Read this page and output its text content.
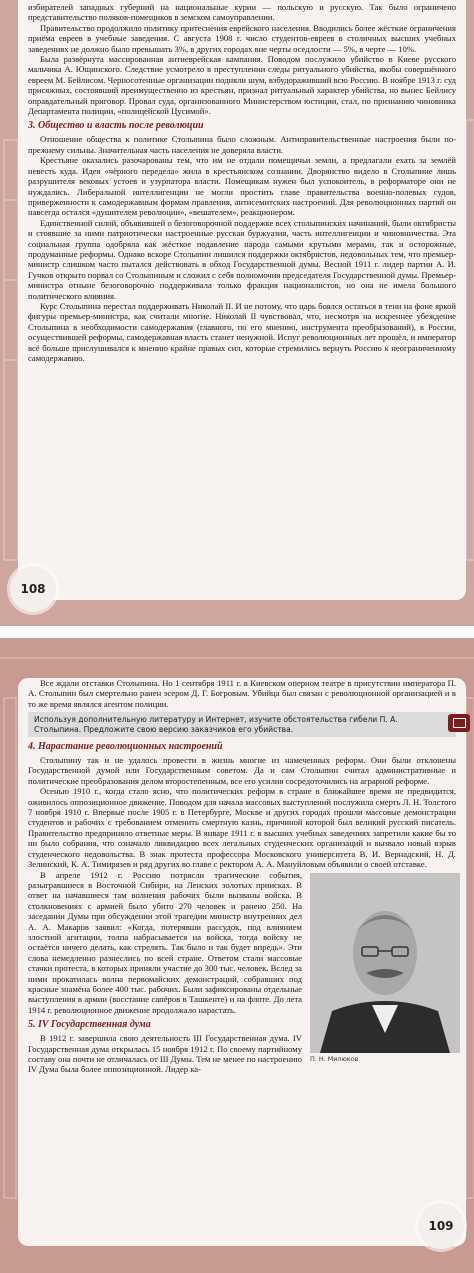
избирателей западных губерний на национальные курии — польскую и русскую. Так было ограничено представительство поляков-помещиков в земском самоуправлении.

Правительство продолжило политику притеснения еврейского населения. Вводились более жёсткие ограничения приёма евреев в учебные заведения. С августа 1908 г. число студентов-евреев в столичных высших учебных заведениях не должно было превышать 3%, в других городах вне черты оседлости — 5%, в черте — 10%.

Была развёрнута массированная антиеврейская кампания. Поводом послужило убийство в Киеве русского мальчика А. Ющинского. Следствие усмотрело в преступлении следы ритуального убийства, якобы совершённого евреем М. Бейлисом. Черносотенные организации подняли шум, взбудораживший всю Россию. В ноябре 1913 г. суд присяжных, состоявший преимущественно из крестьян, признал ритуальный характер убийства, но вынес Бейлису оправдательный приговор. Провал суда, организованного Министерством юстиции, стал, по признанию чиновника Департамента полиции, «полицейской Цусимой».

3. Общество и власть после революции

Отношение общества к политике Столыпина было сложным. Антиправительственные настроения были по-прежнему сильны. Значительная часть населения не доверяла власти.

Крестьяне оказались разочарованы тем, что им не отдали помещичьи земли, а предлагали ехать за землёй невесть куда. Идея «чёрного передела» жила в крестьянском сознании. Дворянство видело в Столыпине лишь разрушителя вековых устоев и узурпатора власти. Помещикам нужен был успокоитель, в реформаторе они не нуждались. Либеральной интеллигенции не могли простить главе правительства военно-полевых судов, приверженности к самодержавным формам правления, антисемитских настроений. Для революционных партий он навсегда остался «душителем революции», «вешателем», реакционером.

Единственной силой, объявившей о безоговорочной поддержке всех столыпинских начинаний, были октябристы и стоявшие за ними патриотически настроенные русская буржуазия, часть интеллигенции и чиновничества. Эта социальная группа одобряла как жёсткое подавление народа самыми крутыми мерами, так и осторожные, продуманные реформы. Однако вскоре Столыпин лишился поддержки октябристов, недовольных тем, что премьер-министр слишком часто пытался действовать в обход Государственной думы. Весной 1911 г. лидер партии А. И. Гучков открыто порвал со Столыпиным и сложил с себя полномочия председателя Государственной думы. Премьер-министра отныне безоговорочно поддерживала только фракция националистов, но она не имела большого политического влияния.

Курс Столыпина перестал поддерживать Николай II. И не потому, что царь боялся остаться в тени на фоне яркой фигуры премьер-министра, как считали многие. Николай II чувствовал, что, несмотря на искреннее убеждение Столыпина в необходимости самодержавия (главного, по его мнению, инструмента преобразований), в России, осуществившей реформы, самодержавная власть станет ненужной. Испуг революционных лет прошёл, и император всё больше прислушивался к мнению крайне правых сил, которые стремились вернуть Россию к неограниченному самодержавию.

108

Все ждали отставки Столыпина. Но 1 сентября 1911 г. в Киевском оперном театре в присутствии императора П. А. Столыпин был смертельно ранен эсером Д. Г. Богровым. Убийца был связан с революционной организацией и в то же время являлся агентом полиции.

Используя дополнительную литературу и Интернет, изучите обстоятельства гибели П. А. Столыпина. Предложите свою версию заказчиков его убийства.
4. Нарастание революционных настроений

Столыпину так и не удалось провести в жизнь многие из намеченных реформ. Они были отклонены Государственной думой или Государственным советом. Да и сам Столыпин считал административные и политические преобразования делом второстепенным, все его усилия сосредоточились на аграрной реформе.

Осенью 1910 г., когда стало ясно, что политических реформ в стране в ближайшее время не предвидится, оживилось оппозиционное движение. Поводом для начала массовых выступлений послужила смерть Л. Н. Толстого 7 ноября 1910 г. Впервые после 1905 г. в Петербурге, Москве и других городах прошли массовые демонстрации студентов и рабочих с требованием отменить смертную казнь, причиной которой был великий русский писатель. Правительство предприняло ответные меры. В январе 1911 г. в высших учебных заведениях запретили какие бы то ни было собрания, что означало ликвидацию всех легальных студенческих организаций и вызвало новый взрыв студенческого недовольства. В знак протеста профессора Московского университета В. И. Вернадский, Н. Д. Зелинский, К. А. Тимирязев и ряд других во главе с ректором А. А. Мануйловым объявили о своей отставке.

П. Н. Милюков

В апреле 1912 г. Россию потрясли трагические события, разыгравшиеся в Восточной Сибири, на Ленских золотых приисках. В ответ на начавшиеся там волнения рабочих были вызваны войска. В столкновениях с армией было убито 270 человек и ранено 250. На заседании Думы при обсуждении этой трагедии министр внутренних дел А. А. Макаров заявил: «Когда, потерявши рассудок, под влиянием злостной агитации, толпа набрасывается на войска, тогда войску не остаётся ничего делать, как стрелять. Так было и так будет впредь». Эти слова немедленно разнеслись по всей стране. Ответом стали массовые стачки протеста, в которых приняли участие до 300 тыс. человек. Вслед за ними прокатилась волна первомайских демонстраций, собравших под красные знамёна более 400 тыс. рабочих. Были зафиксированы отдельные выступления в армии (восстание сапёров в Ташкенте) и на флоте. До лета 1914 г. революционное движение продолжало нарастать.

5. IV Государственная дума

В 1912 г. завершила свою деятельность III Государственная дума. IV Государственная дума открылась 15 ноября 1912 г. По своему партийному составу она почти не отличалась от III Думы. Тем не менее по настроению IV Дума была более оппозиционной. Лидер ка-

109
